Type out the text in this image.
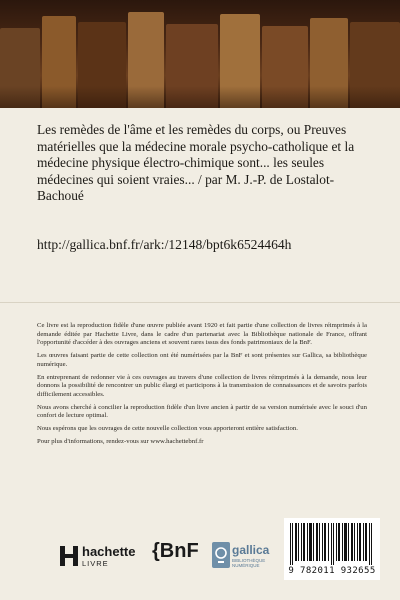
Les remèdes de l'âme et les remèdes du corps, ou Preuves matérielles que la médecine morale psycho-catholique et la médecine physique électro-chimique sont... les seules médecines qui soient vraies... / par M. J.-P. de Lostalot-Bachoué
http://gallica.bnf.fr/ark:/12148/bpt6k6524464h

Ce livre est la reproduction fidèle d'une œuvre publiée avant 1920 et fait partie d'une collection de livres réimprimés à la demande éditée par Hachette Livre, dans le cadre d'un partenariat avec la Bibliothèque nationale de France, offrant l'opportunité d'accéder à des ouvrages anciens et souvent rares issus des fonds patrimoniaux de la BnF.

Les œuvres faisant partie de cette collection ont été numérisées par la BnF et sont présentes sur Gallica, sa bibliothèque numérique.

En entreprenant de redonner vie à ces ouvrages au travers d'une collection de livres réimprimés à la demande, nous leur donnons la possibilité de rencontrer un public élargi et participons à la transmission de connaissances et de savoirs parfois difficilement accessibles.

Nous avons cherché à concilier la reproduction fidèle d'un livre ancien à partir de sa version numérisée avec le souci d'un confort de lecture optimal.

Nous espérons que les ouvrages de cette nouvelle collection vous apporteront entière satisfaction.

Pour plus d'informations, rendez-vous sur www.hachettebnf.fr

hachette
LIVRE
{BnF	gallica
BIBLIOTHÈQUE NUMÉRIQUE
9 782011 932655
